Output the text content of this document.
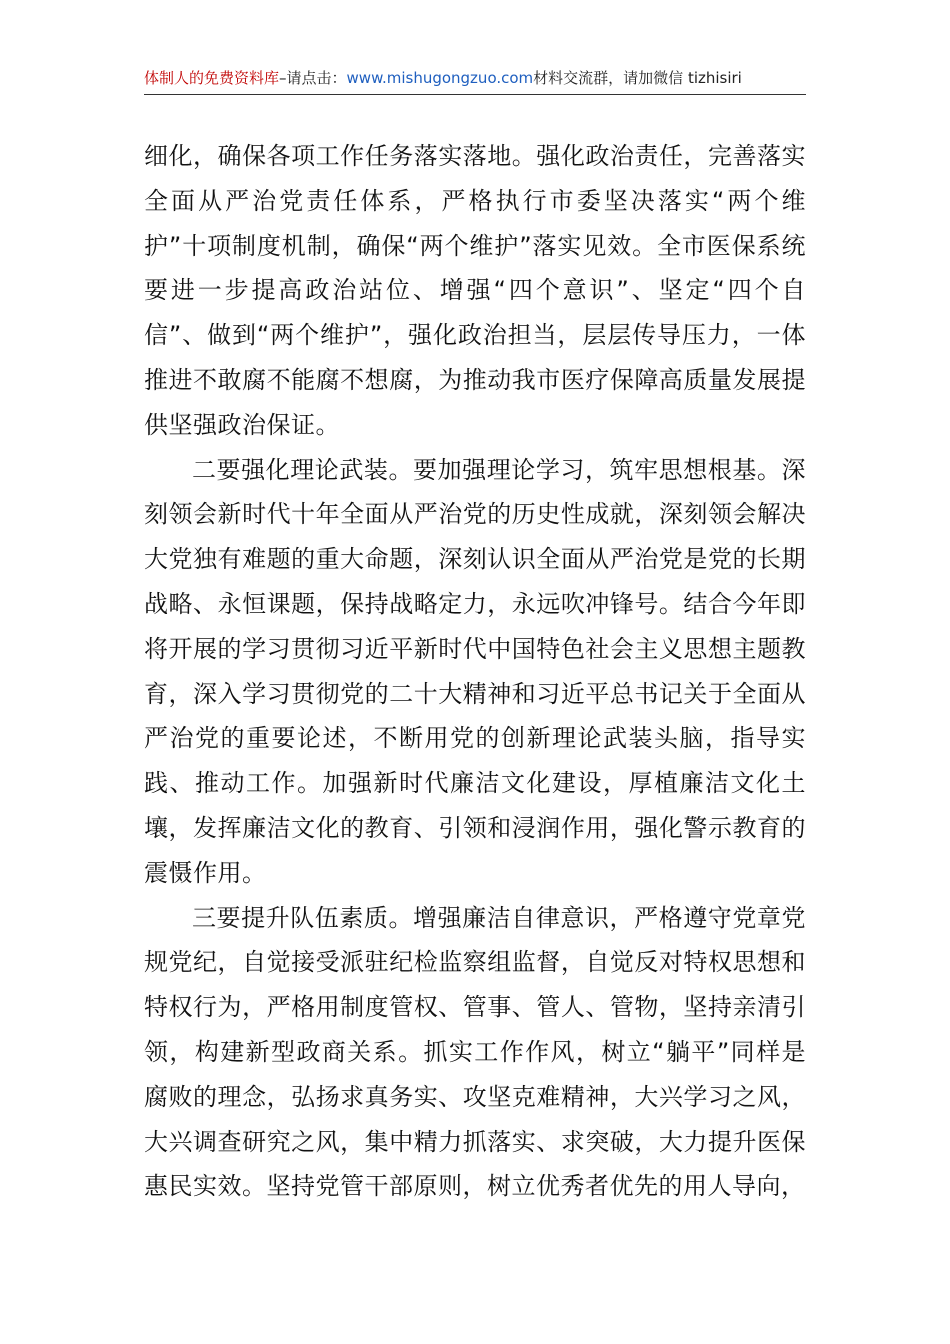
体制人的免费资料库–请点击：www.mishugongzuo.com材料交流群，请加微信 tizhisiri

细化，确保各项工作任务落实落地。强化政治责任，完善落实全面从严治党责任体系，严格执行市委坚决落实“两个维护”十项制度机制，确保“两个维护”落实见效。全市医保系统要进一步提高政治站位、增强“四个意识”、坚定“四个自信”、做到“两个维护”，强化政治担当，层层传导压力，一体推进不敢腐不能腐不想腐，为推动我市医疗保障高质量发展提供坚强政治保证。

二要强化理论武装。要加强理论学习，筑牢思想根基。深刻领会新时代十年全面从严治党的历史性成就，深刻领会解决大党独有难题的重大命题，深刻认识全面从严治党是党的长期战略、永恒课题，保持战略定力，永远吹冲锋号。结合今年即将开展的学习贯彻习近平新时代中国特色社会主义思想主题教育，深入学习贯彻党的二十大精神和习近平总书记关于全面从严治党的重要论述，不断用党的创新理论武装头脑，指导实践、推动工作。加强新时代廉洁文化建设，厚植廉洁文化土壤，发挥廉洁文化的教育、引领和浸润作用，强化警示教育的震慑作用。

三要提升队伍素质。增强廉洁自律意识，严格遵守党章党规党纪，自觉接受派驻纪检监察组监督，自觉反对特权思想和特权行为，严格用制度管权、管事、管人、管物，坚持亲清引领，构建新型政商关系。抓实工作作风，树立“躺平”同样是腐败的理念，弘扬求真务实、攻坚克难精神，大兴学习之风，大兴调查研究之风，集中精力抓落实、求突破，大力提升医保惠民实效。坚持党管干部原则，树立优秀者优先的用人导向，
